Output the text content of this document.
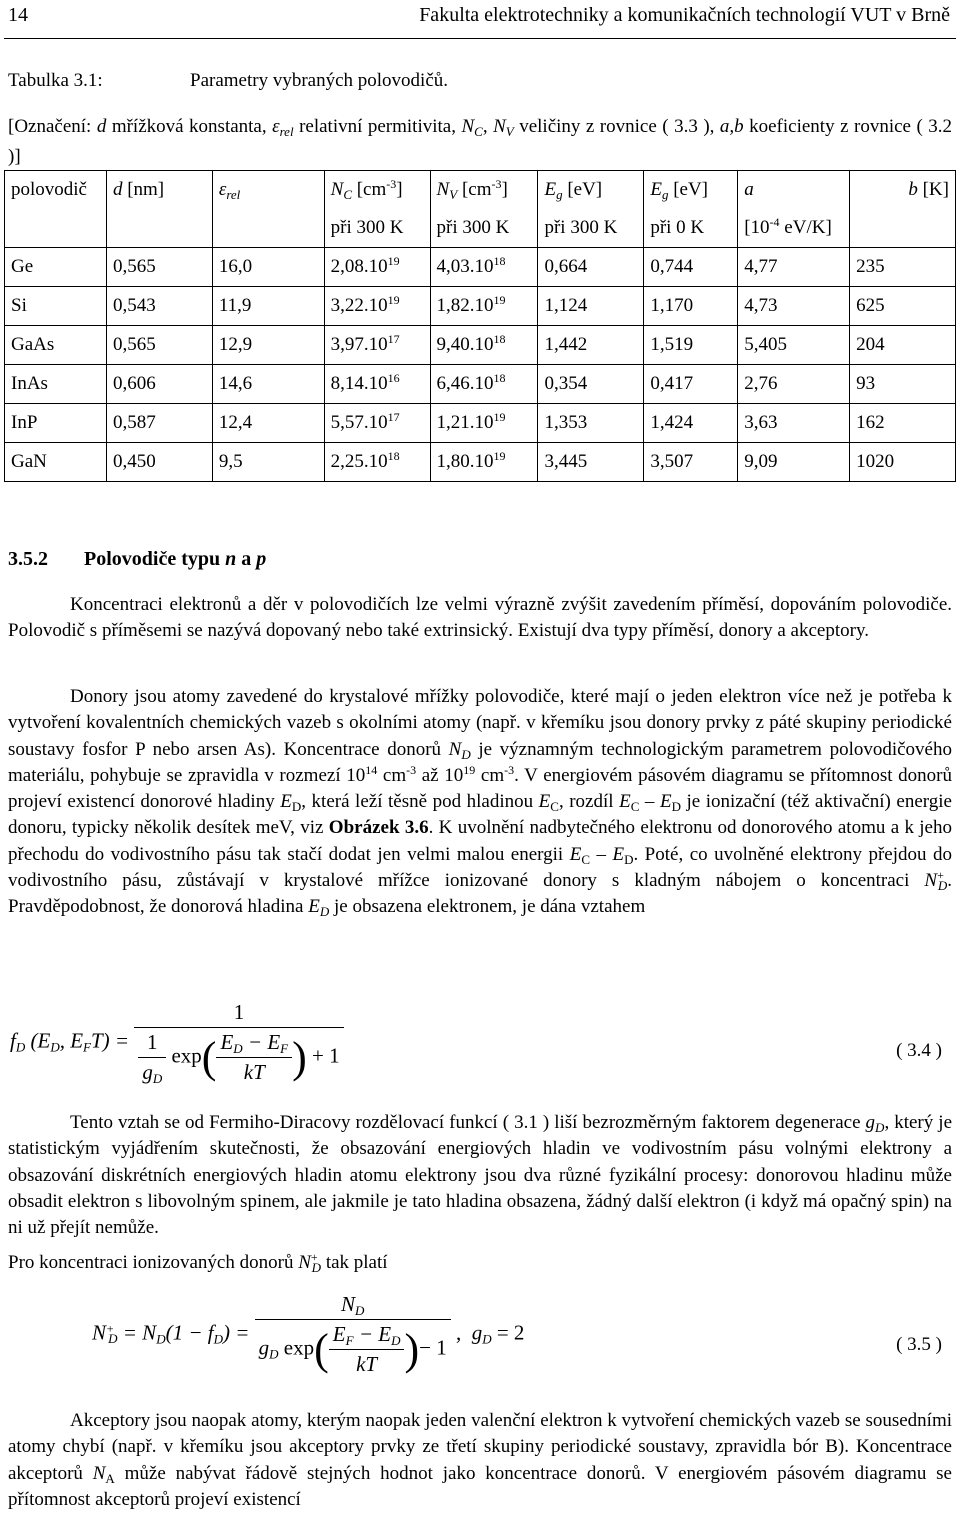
14	Fakulta elektrotechniky a komunikačních technologií VUT v Brně
Tabulka 3.1:	Parametry vybraných polovodičů.
[Označení: d mřížková konstanta, $\varepsilon_{rel}$ relativní permitivita, $N_C$, $N_V$ veličiny z rovnice ( 3.3 ), a,b koeficienty z rovnice ( 3.2 )]
polovodič	d [nm]	$\varepsilon_{rel}$	$N_C$ $[cm^{-3}]$	$N_V$ $[cm^{-3}]$	$E_g$ [eV]	$E_g$ [eV]	a	b [K]
			při 300 K	při 300 K	při 300 K	při 0 K	[$10^{-4}$ eV/K]	
Ge	0,565	16,0	2,08.10$^{19}$	4,03.10$^{18}$	0,664	0,744	4,77	235
Si	0,543	11,9	3,22.10$^{19}$	1,82.10$^{19}$	1,124	1,170	4,73	625
GaAs	0,565	12,9	3,97.10$^{17}$	9,40.10$^{18}$	1,442	1,519	5,405	204
InAs	0,606	14,6	8,14.10$^{16}$	6,46.10$^{18}$	0,354	0,417	2,76	93
InP	0,587	12,4	5,57.10$^{17}$	1,21.10$^{19}$	1,353	1,424	3,63	162
GaN	0,450	9,5	2,25.10$^{18}$	1,80.10$^{19}$	3,445	3,507	9,09	1020
3.5.2 Polovodiče typu n a p
Koncentraci elektronů a děr v polovodičích lze velmi výrazně zvýšit zavedením příměsí, dopováním polovodiče. Polovodič s příměsemi se nazývá dopovaný nebo také extrinsický. Existují dva typy příměsí, donory a akceptory.
Donory jsou atomy zavedené do krystalové mřížky polovodiče, které mají o jeden elektron více než je potřeba k vytvoření kovalentních chemických vazeb s okolními atomy (např. v křemíku jsou donory prvky z páté skupiny periodické soustavy fosfor P nebo arsen As). Koncentrace donorů $N_D$ je významným technologickým parametrem polovodičového materiálu, pohybuje se zpravidla v rozmezí $10^{14}$ $cm^{-3}$ až $10^{19}$ $cm^{-3}$. V energiovém pásovém diagramu se přítomnost donorů projeví existencí donorové hladiny $E_D$, která leží těsně pod hladinou $E_C$, rozdíl $E_C - E_D$ je ionizační (též aktivační) energie donoru, typicky několik desítek meV, viz Obrázek 3.6. K uvolnění nadbytečného elektronu od donorového atomu a k jeho přechodu do vodivostního pásu tak stačí dodat jen velmi malou energii $E_C - E_D$. Poté, co uvolněné elektrony přejdou do vodivostního pásu, zůstávají v krystalové mřížce ionizované donory s kladným nábojem o koncentraci $N^+_D$. Pravděpodobnost, že donorová hladina $E_D$ je obsazena elektronem, je dána vztahem
$f_D$ ($E_D$, $E_FT) = \frac{1}{\frac{1}{g_D} \exp( \frac{E_D - E_F}{kT} ) + 1}$	( 3.4 )
Tento vztah se od Fermiho-Diracovy rozdělovací funkcí ( 3.1 ) liší bezrozměrným faktorem degenerace $g_D$, který je statistickým vyjádřením skutečnosti, že obsazování energiových hladin ve vodivostním pásu volnými elektrony a obsazování diskrétních energiových hladin atomu elektrony jsou dva různé fyzikální procesy: donorovou hladinu může obsadit elektron s libovolným spinem, ale jakmile je tato hladina obsazena, žádný další elektron (i když má opačný spin) na ni už přejít nemůže.
Pro koncentraci ionizovaných donorů $N^+_D$ tak platí
$N^+_D = N_D(1 - f_D) = \frac{N_D}{g_D \exp( \frac{E_F - E_D}{kT} )- 1}$ , $g_D = 2$
( 3.5 )
Akceptory jsou naopak atomy, kterým naopak jeden valenční elektron k vytvoření chemických vazeb se sousedními atomy chybí (např. v křemíku jsou akceptory prvky ze třetí skupiny periodické soustavy, zpravidla bór B). Koncentrace akceptorů $N_A$ může nabývat řádově stejných hodnot jako koncentrace donorů. V energiovém pásovém diagramu se přítomnost akceptorů projeví existencí
